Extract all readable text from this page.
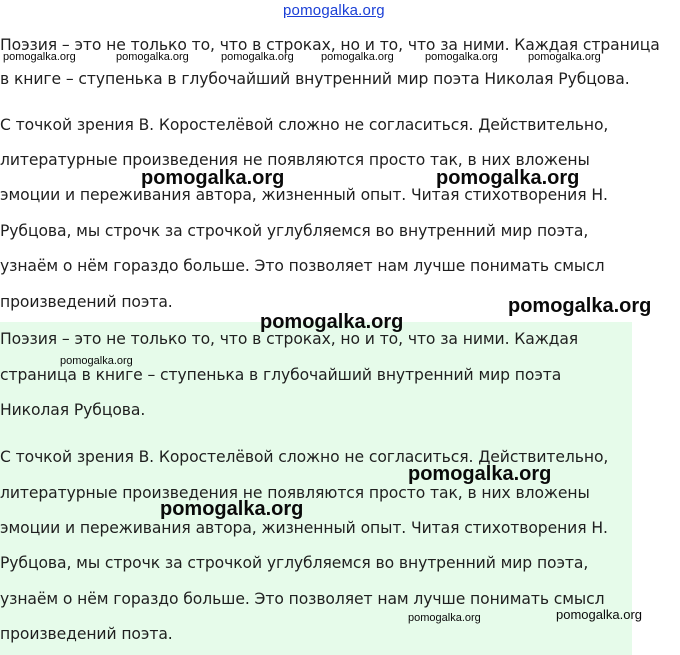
pomogalka.org

Поэзия – это не только то, что в строках, но и то, что за ними. Каждая страница

в книге – ступенька в глубочайший внутренний мир поэта Николая Рубцова.

С точкой зрения В. Коростелёвой сложно не согласиться. Действительно,

литературные произведения не появляются просто так, в них вложены

эмоции и переживания автора, жизненный опыт. Читая стихотворения Н.

Рубцова, мы строчк за строчкой углубляемся во внутренний мир поэта,

узнаём о нём гораздо больше. Это позволяет нам лучше понимать смысл

произведений поэта.

Поэзия – это не только то, что в строках, но и то, что за ними. Каждая

страница в книге – ступенька в глубочайший внутренний мир поэта

Николая Рубцова.

С точкой зрения В. Коростелёвой сложно не согласиться. Действительно,

литературные произведения не появляются просто так, в них вложены

эмоции и переживания автора, жизненный опыт. Читая стихотворения Н.

Рубцова, мы строчк за строчкой углубляемся во внутренний мир поэта,

узнаём о нём гораздо больше. Это позволяет нам лучше понимать смысл

произведений поэта.

pomogalka.org	pomogalka.org	pomogalka.org pomogalka.org	pomogalka.org	pomogalka.org
pomogalka.org	pomogalka.org
pomogalka.org
pomogalka.org
pomogalka.org
pomogalka.org
pomogalka.org
pomogalka.org	pomogalka.org
